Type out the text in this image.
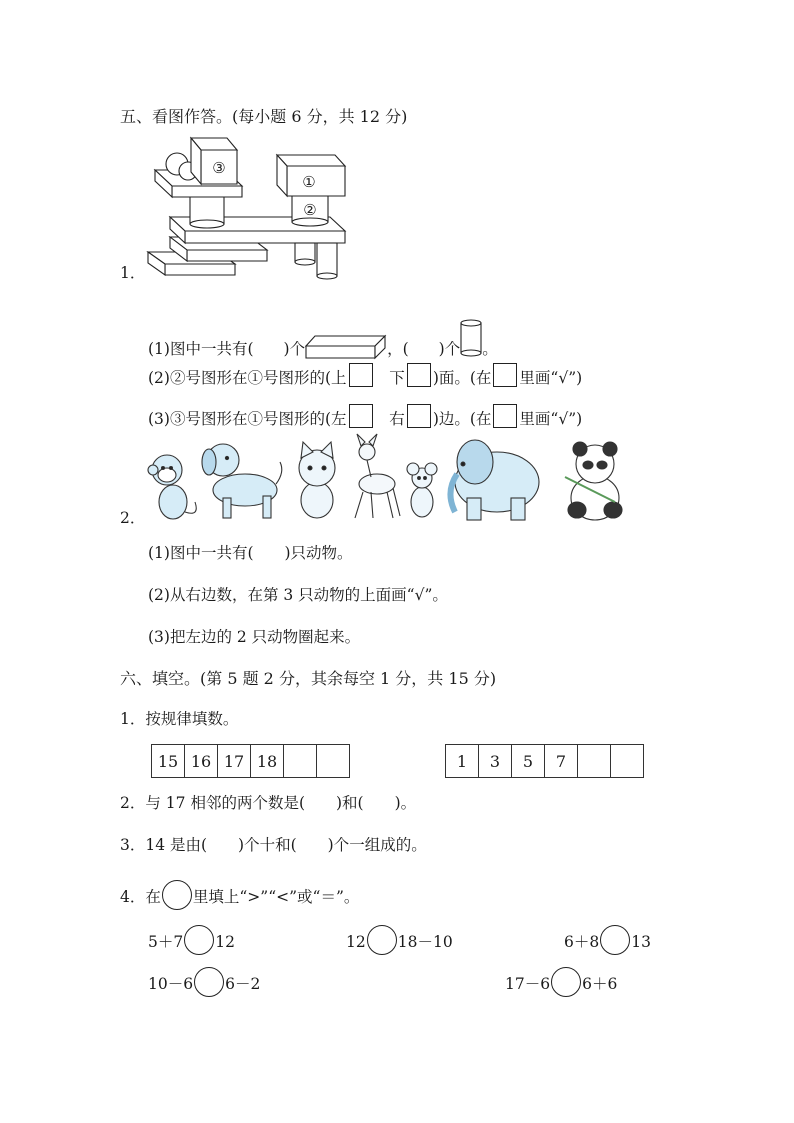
五、看图作答。(每小题 6 分，共 12 分)
③
①
②
1．
(1)图中一共有( )个	，( )个 。
(2)②号图形在①号图形的(上	下 )面。(在 里画“√”)
(3)③号图形在①号图形的(左	右 )边。(在 里画“√”)
2．
(1)图中一共有(　　)只动物。
(2)从右边数，在第 3 只动物的上面画“√”。
(3)把左边的 2 只动物圈起来。
六、填空。(第 5 题 2 分，其余每空 1 分，共 15 分)
1．按规律填数。
15	16	17	18			1	3	5	7		
2．与 17 相邻的两个数是(　　)和(　　)。
3．14 是由(　　)个十和(　　)个一组成的。
4．在 里填上“>”“<”或“＝”。
5＋7 12	12 18－10	6＋8 13
10－6 6－2	17－6 6＋6
